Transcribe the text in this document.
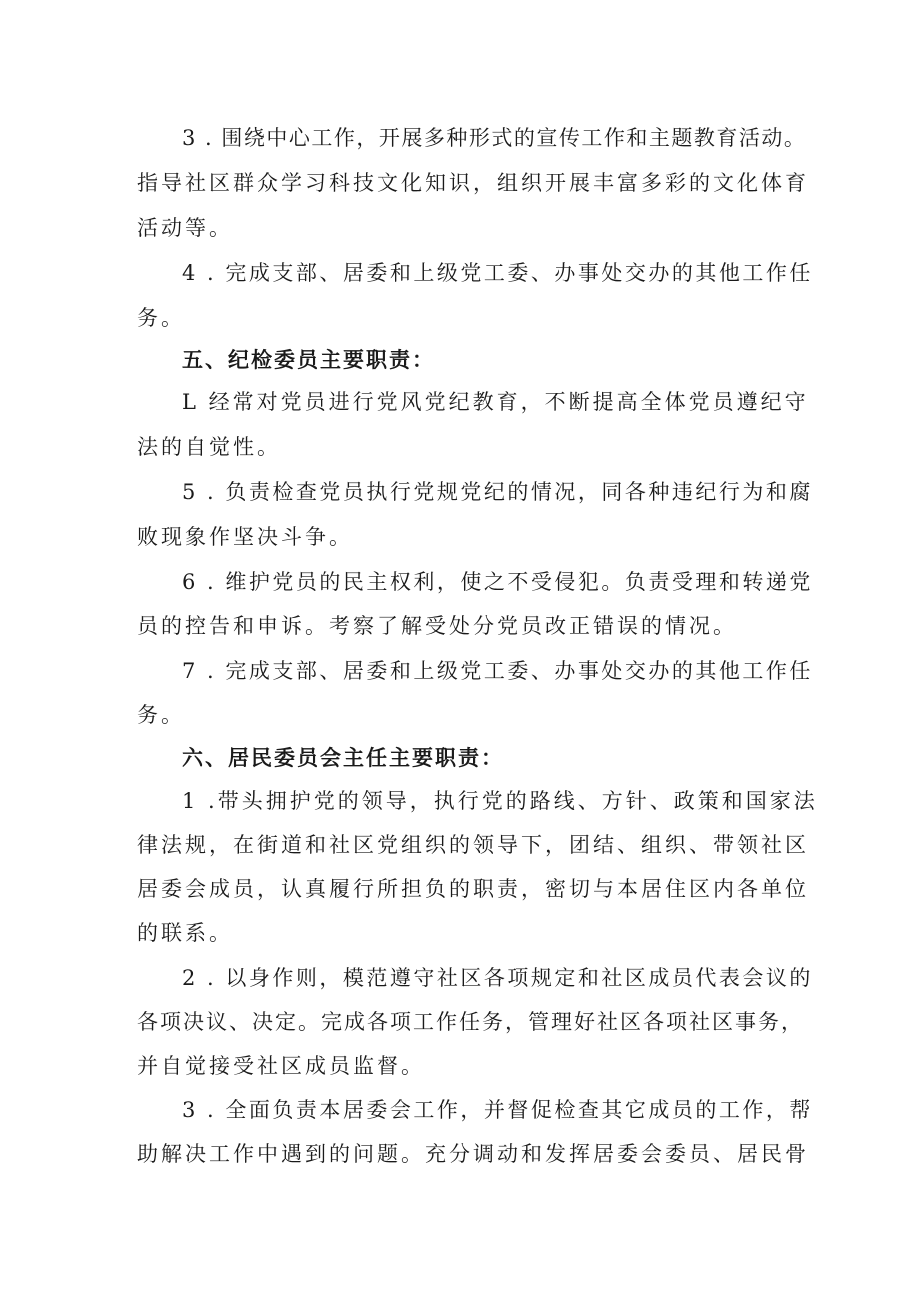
3 . 围绕中心工作，开展多种形式的宣传工作和主题教育活动。
指导社区群众学习科技文化知识，组织开展丰富多彩的文化体育
活动等。
4 . 完成支部、居委和上级党工委、办事处交办的其他工作任
务。
五、纪检委员主要职责：
L 经常对党员进行党风党纪教育，不断提高全体党员遵纪守
法的自觉性。
5 . 负责检查党员执行党规党纪的情况，同各种违纪行为和腐
败现象作坚决斗争。
6 . 维护党员的民主权利，使之不受侵犯。负责受理和转递党
员的控告和申诉。考察了解受处分党员改正错误的情况。
7 . 完成支部、居委和上级党工委、办事处交办的其他工作任
务。
六、居民委员会主任主要职责：
1 .带头拥护党的领导，执行党的路线、方针、政策和国家法
律法规，在街道和社区党组织的领导下，团结、组织、带领社区
居委会成员，认真履行所担负的职责，密切与本居住区内各单位
的联系。
2 . 以身作则，模范遵守社区各项规定和社区成员代表会议的
各项决议、决定。完成各项工作任务，管理好社区各项社区事务，
并自觉接受社区成员监督。
3 . 全面负责本居委会工作，并督促检查其它成员的工作，帮
助解决工作中遇到的问题。充分调动和发挥居委会委员、居民骨
